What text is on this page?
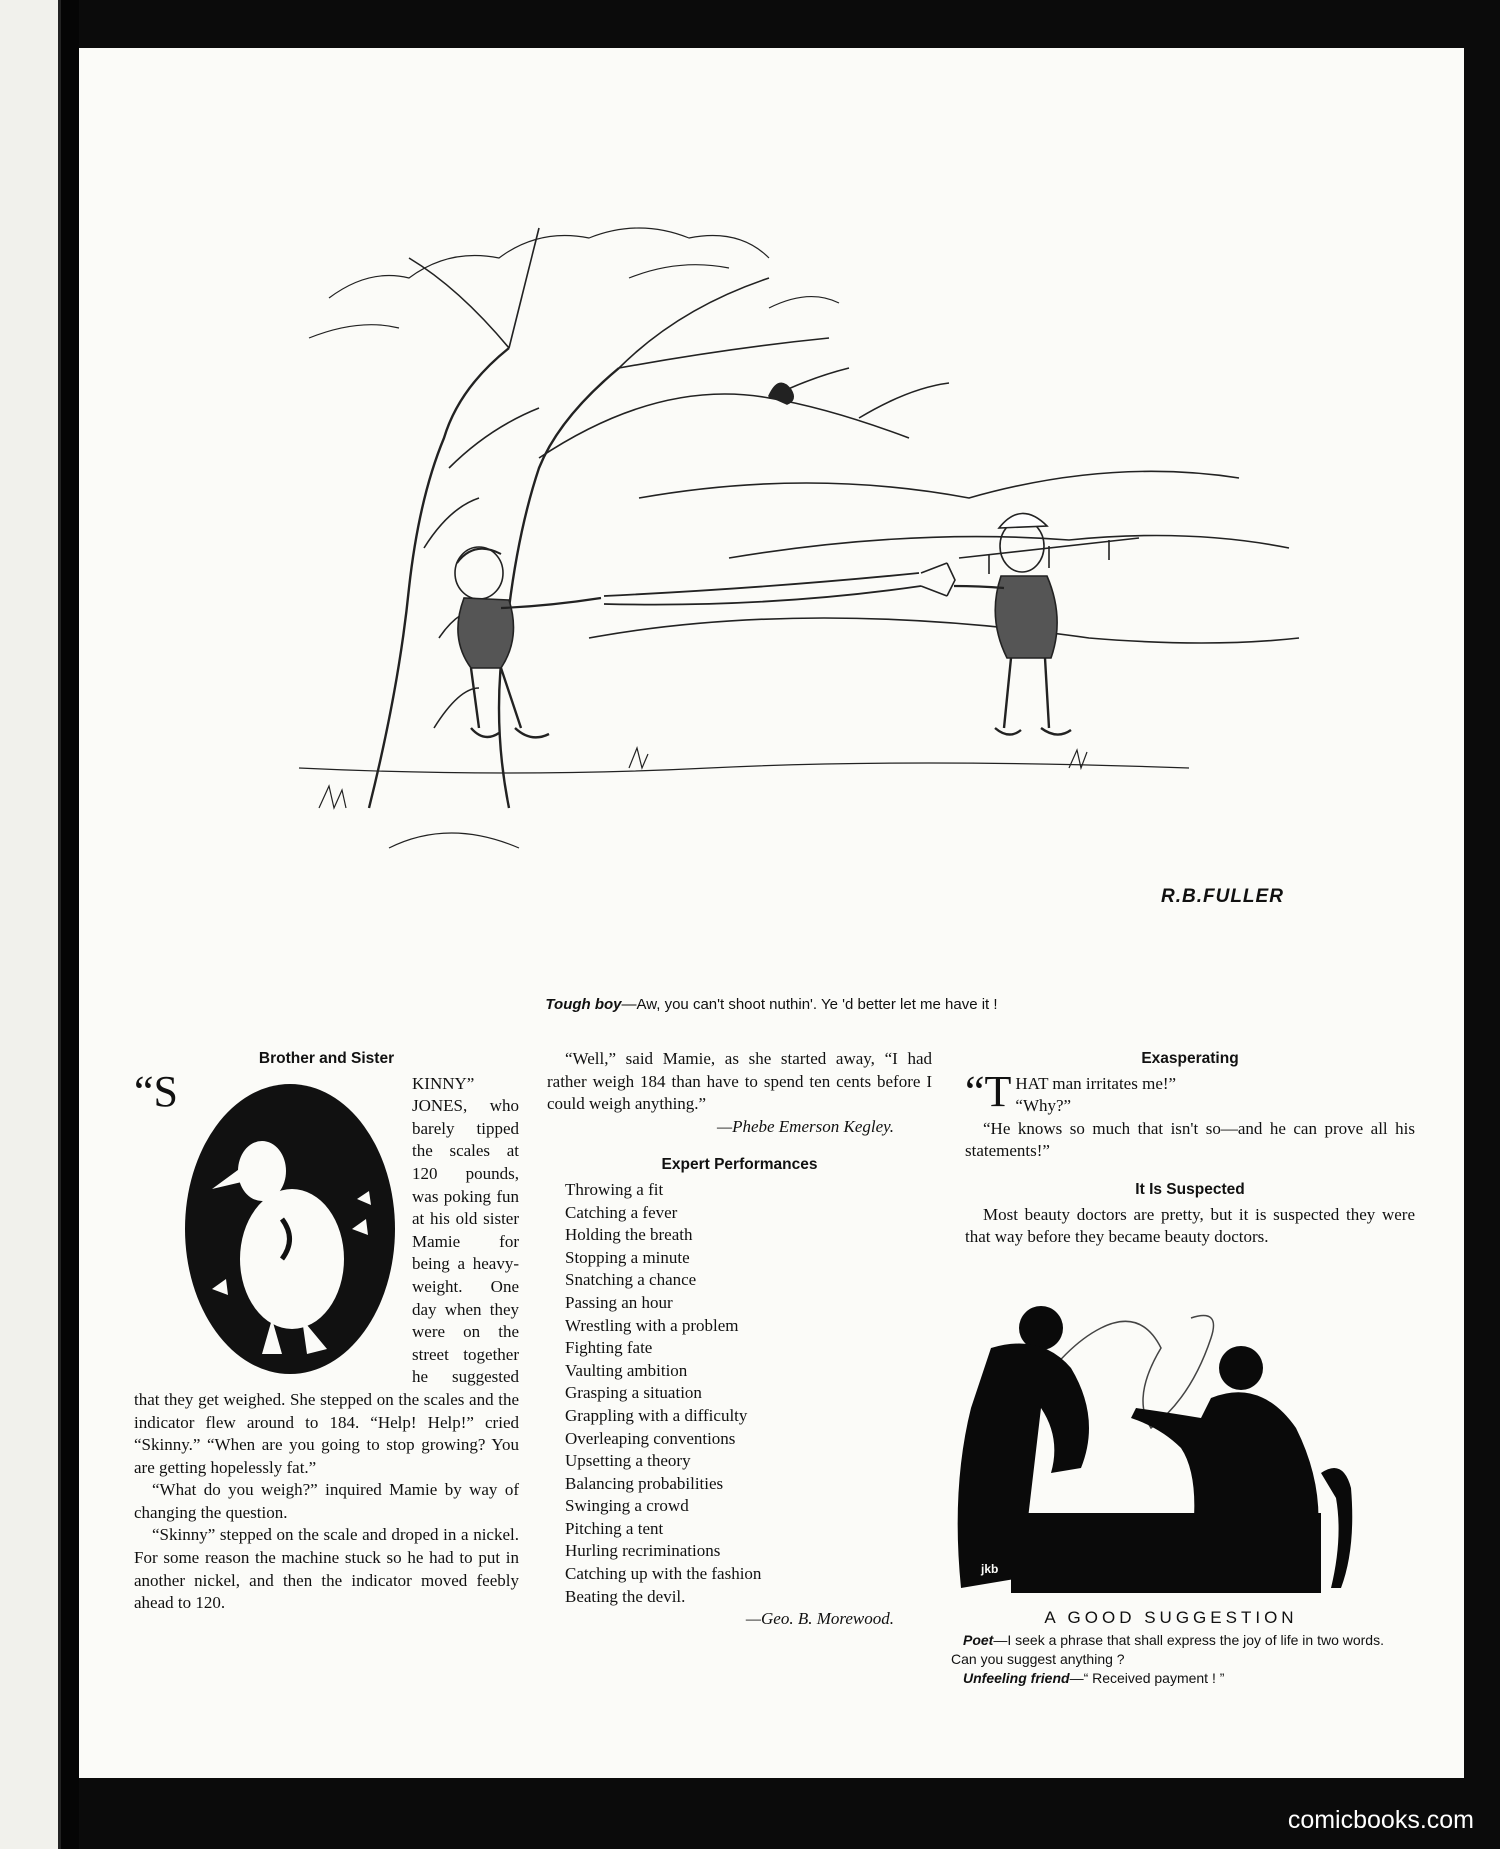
R.B.FULLER
Tough boy—Aw, you can't shoot nuthin'. Ye 'd better let me have it !
Brother and Sister

“S	KINNY” JONES, who barely tipped the scales at 120 pounds, was poking fun at his old sister Mamie for being a heavy-weight. One day when they were on the street together he suggested that they get weighed. She stepped on the scales and the indicator flew around to 184. “Help! Help!” cried “Skinny.” “When are you going to stop growing? You are getting hopelessly fat.”

“What do you weigh?” inquired Mamie by way of changing the question.

“Skinny” stepped on the scale and droped in a nickel. For some reason the machine stuck so he had to put in another nickel, and then the indicator moved feebly ahead to 120.

“Well,” said Mamie, as she started away, “I had rather weigh 184 than have to spend ten cents before I could weigh anything.”

—Phebe Emerson Kegley.
Expert Performances
Throwing a fit
Catching a fever
Holding the breath
Stopping a minute
Snatching a chance
Passing an hour
Wrestling with a problem
Fighting fate
Vaulting ambition
Grasping a situation
Grappling with a difficulty
Overleaping conventions
Upsetting a theory
Balancing probabilities
Swinging a crowd
Pitching a tent
Hurling recriminations
Catching up with the fashion
Beating the devil.
—Geo. B. Morewood.
Exasperating

“THAT man irritates me!”
“Why?”

“He knows so much that isn't so—and he can prove all his statements!”

It Is Suspected

Most beauty doctors are pretty, but it is suspected they were that way before they became beauty doctors.

jkb
A GOOD SUGGESTION
Poet—I seek a phrase that shall express the joy of life in two words. Can you suggest anything ?
Unfeeling friend—“ Received payment ! ”
comicbooks.com
